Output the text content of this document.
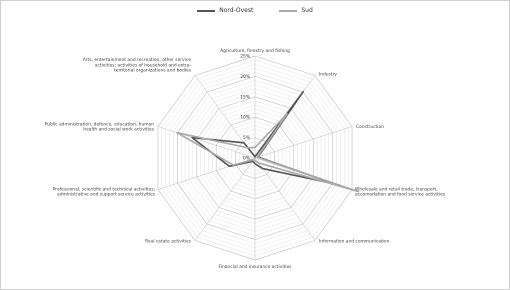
Nord-Ovest	Sud
0%
5%
10%
15%
20%
25%
Agriculture, forestry and fishing
Industry
Construction
Wholesale and retail trade, transport, accomodation and food service activities
Information and communication
Financial and insurance activities
Real estate activities
Professional, scientific and technical activities; administrative and support service activities
Public administration, defence, education, human health and social work activities
Arts, entertainment and recreation; other service activities; activities of household and extra-territorial organizations and bodies
